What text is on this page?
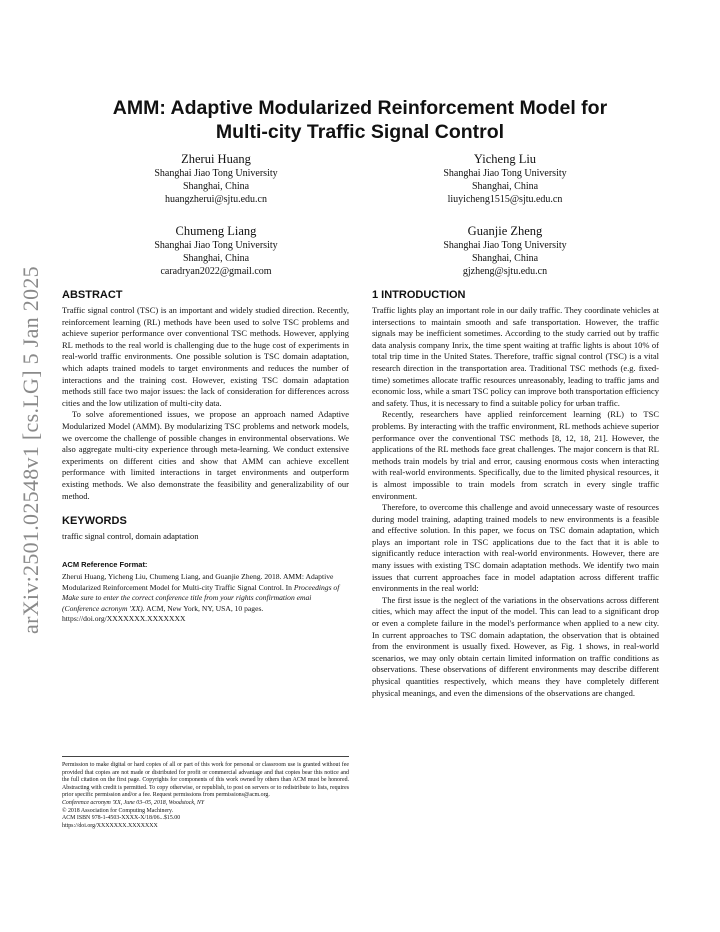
arXiv:2501.02548v1 [cs.LG] 5 Jan 2025
AMM: Adaptive Modularized Reinforcement Model for
Multi-city Traffic Signal Control
Zherui Huang
Shanghai Jiao Tong University
Shanghai, China
huangzherui@sjtu.edu.cn
Yicheng Liu
Shanghai Jiao Tong University
Shanghai, China
liuyicheng1515@sjtu.edu.cn
Chumeng Liang
Shanghai Jiao Tong University
Shanghai, China
caradryan2022@gmail.com
Guanjie Zheng
Shanghai Jiao Tong University
Shanghai, China
gjzheng@sjtu.edu.cn
ABSTRACT

Traffic signal control (TSC) is an important and widely studied direction. Recently, reinforcement learning (RL) methods have been used to solve TSC problems and achieve superior performance over conventional TSC methods. However, applying RL methods to the real world is challenging due to the huge cost of experiments in real-world traffic environments. One possible solution is TSC domain adaptation, which adapts trained models to target environments and reduces the number of interactions and the training cost. However, existing TSC domain adaptation methods still face two major issues: the lack of consideration for differences across cities and the low utilization of multi-city data.

To solve aforementioned issues, we propose an approach named Adaptive Modularized Model (AMM). By modularizing TSC problems and network models, we overcome the challenge of possible changes in environmental observations. We also aggregate multi-city experience through meta-learning. We conduct extensive experiments on different cities and show that AMM can achieve excellent performance with limited interactions in target environments and outperform existing methods. We also demonstrate the feasibility and generalizability of our method.

KEYWORDS

traffic signal control, domain adaptation

ACM Reference Format:
Zherui Huang, Yicheng Liu, Chumeng Liang, and Guanjie Zheng. 2018. AMM: Adaptive Modularized Reinforcement Model for Multi-city Traffic Signal Control. In Proceedings of Make sure to enter the correct conference title from your rights confirmation emai (Conference acronym 'XX). ACM, New York, NY, USA, 10 pages. https://doi.org/XXXXXXX.XXXXXXX
Permission to make digital or hard copies of all or part of this work for personal or classroom use is granted without fee provided that copies are not made or distributed for profit or commercial advantage and that copies bear this notice and the full citation on the first page. Copyrights for components of this work owned by others than ACM must be honored. Abstracting with credit is permitted. To copy otherwise, or republish, to post on servers or to redistribute to lists, requires prior specific permission and/or a fee. Request permissions from permissions@acm.org.
Conference acronym 'XX, June 03–05, 2018, Woodstock, NY
© 2018 Association for Computing Machinery.
ACM ISBN 978-1-4503-XXXX-X/18/06...$15.00
https://doi.org/XXXXXXX.XXXXXXX
1 INTRODUCTION

Traffic lights play an important role in our daily traffic. They coordinate vehicles at intersections to maintain smooth and safe transportation. However, the traffic signals may be inefficient sometimes. According to the study carried out by traffic data analysis company Inrix, the time spent waiting at traffic lights is about 10% of total trip time in the United States. Therefore, traffic signal control (TSC) is a vital research direction in the transportation area. Traditional TSC methods (e.g. fixed-time) sometimes allocate traffic resources unreasonably, leading to traffic jams and economic loss, while a smart TSC policy can improve both transportation efficiency and safety. Thus, it is necessary to find a suitable policy for urban traffic.

Recently, researchers have applied reinforcement learning (RL) to TSC problems. By interacting with the traffic environment, RL methods achieve superior performance over the conventional TSC methods [8, 12, 18, 21]. However, the applications of the RL methods face great challenges. The major concern is that RL methods train models by trial and error, causing enormous costs when interacting with real-world environments. Specifically, due to the limited physical resources, it is almost impossible to train models from scratch in every single traffic environment.

Therefore, to overcome this challenge and avoid unnecessary waste of resources during model training, adapting trained models to new environments is a feasible and effective solution. In this paper, we focus on TSC domain adaptation, which plays an important role in TSC applications due to the fact that it is able to significantly reduce interaction with real-world environments. However, there are many issues with existing TSC domain adaptation methods. We identify two main issues that current approaches face in model adaptation across different traffic environments in the real world:

The first issue is the neglect of the variations in the observations across different cities, which may affect the input of the model. This can lead to a significant drop or even a complete failure in the model's performance when applied to a new city. In current approaches to TSC domain adaptation, the observation that is obtained from the environment is usually fixed. However, as Fig. 1 shows, in real-world scenarios, we may only obtain certain limited information on traffic conditions as observations. These observations of different environments may describe different physical quantities respectively, which means they have completely different physical meanings, and even the dimensions of the observations are changed.
